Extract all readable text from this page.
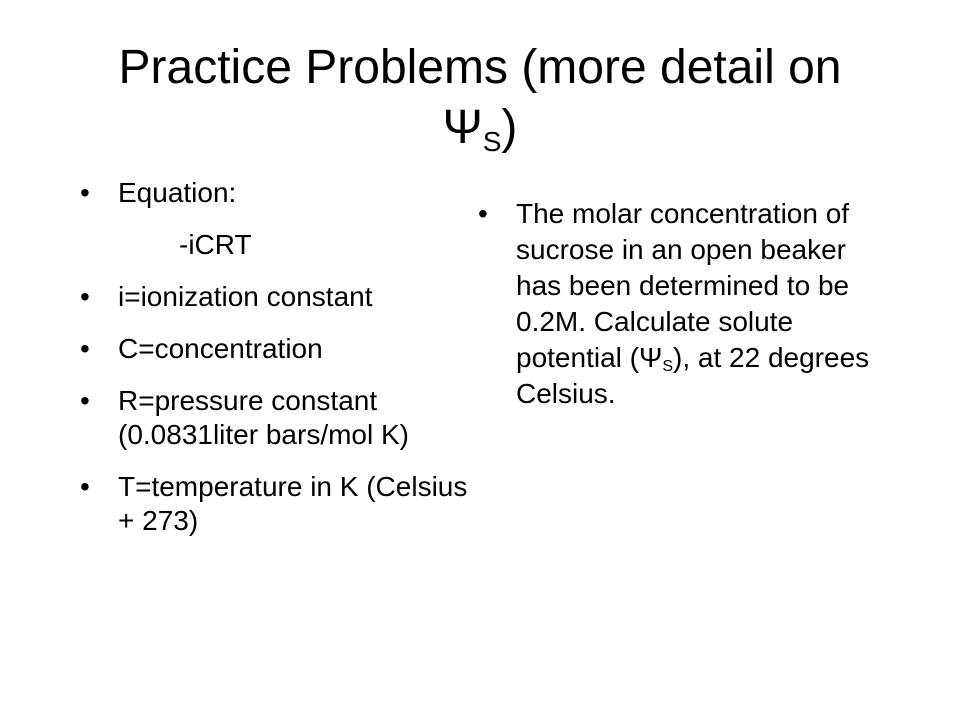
Practice Problems (more detail on $\Psi_S$)
• Equation:
-iCRT
• i=ionization constant
• C=concentration
• R=pressure constant (0.0831liter bars/mol K)
• T=temperature in K (Celsius + 273)
• The molar concentration of sucrose in an open beaker has been determined to be 0.2M. Calculate solute potential $(\Psi_S)$, at 22 degrees Celsius.
